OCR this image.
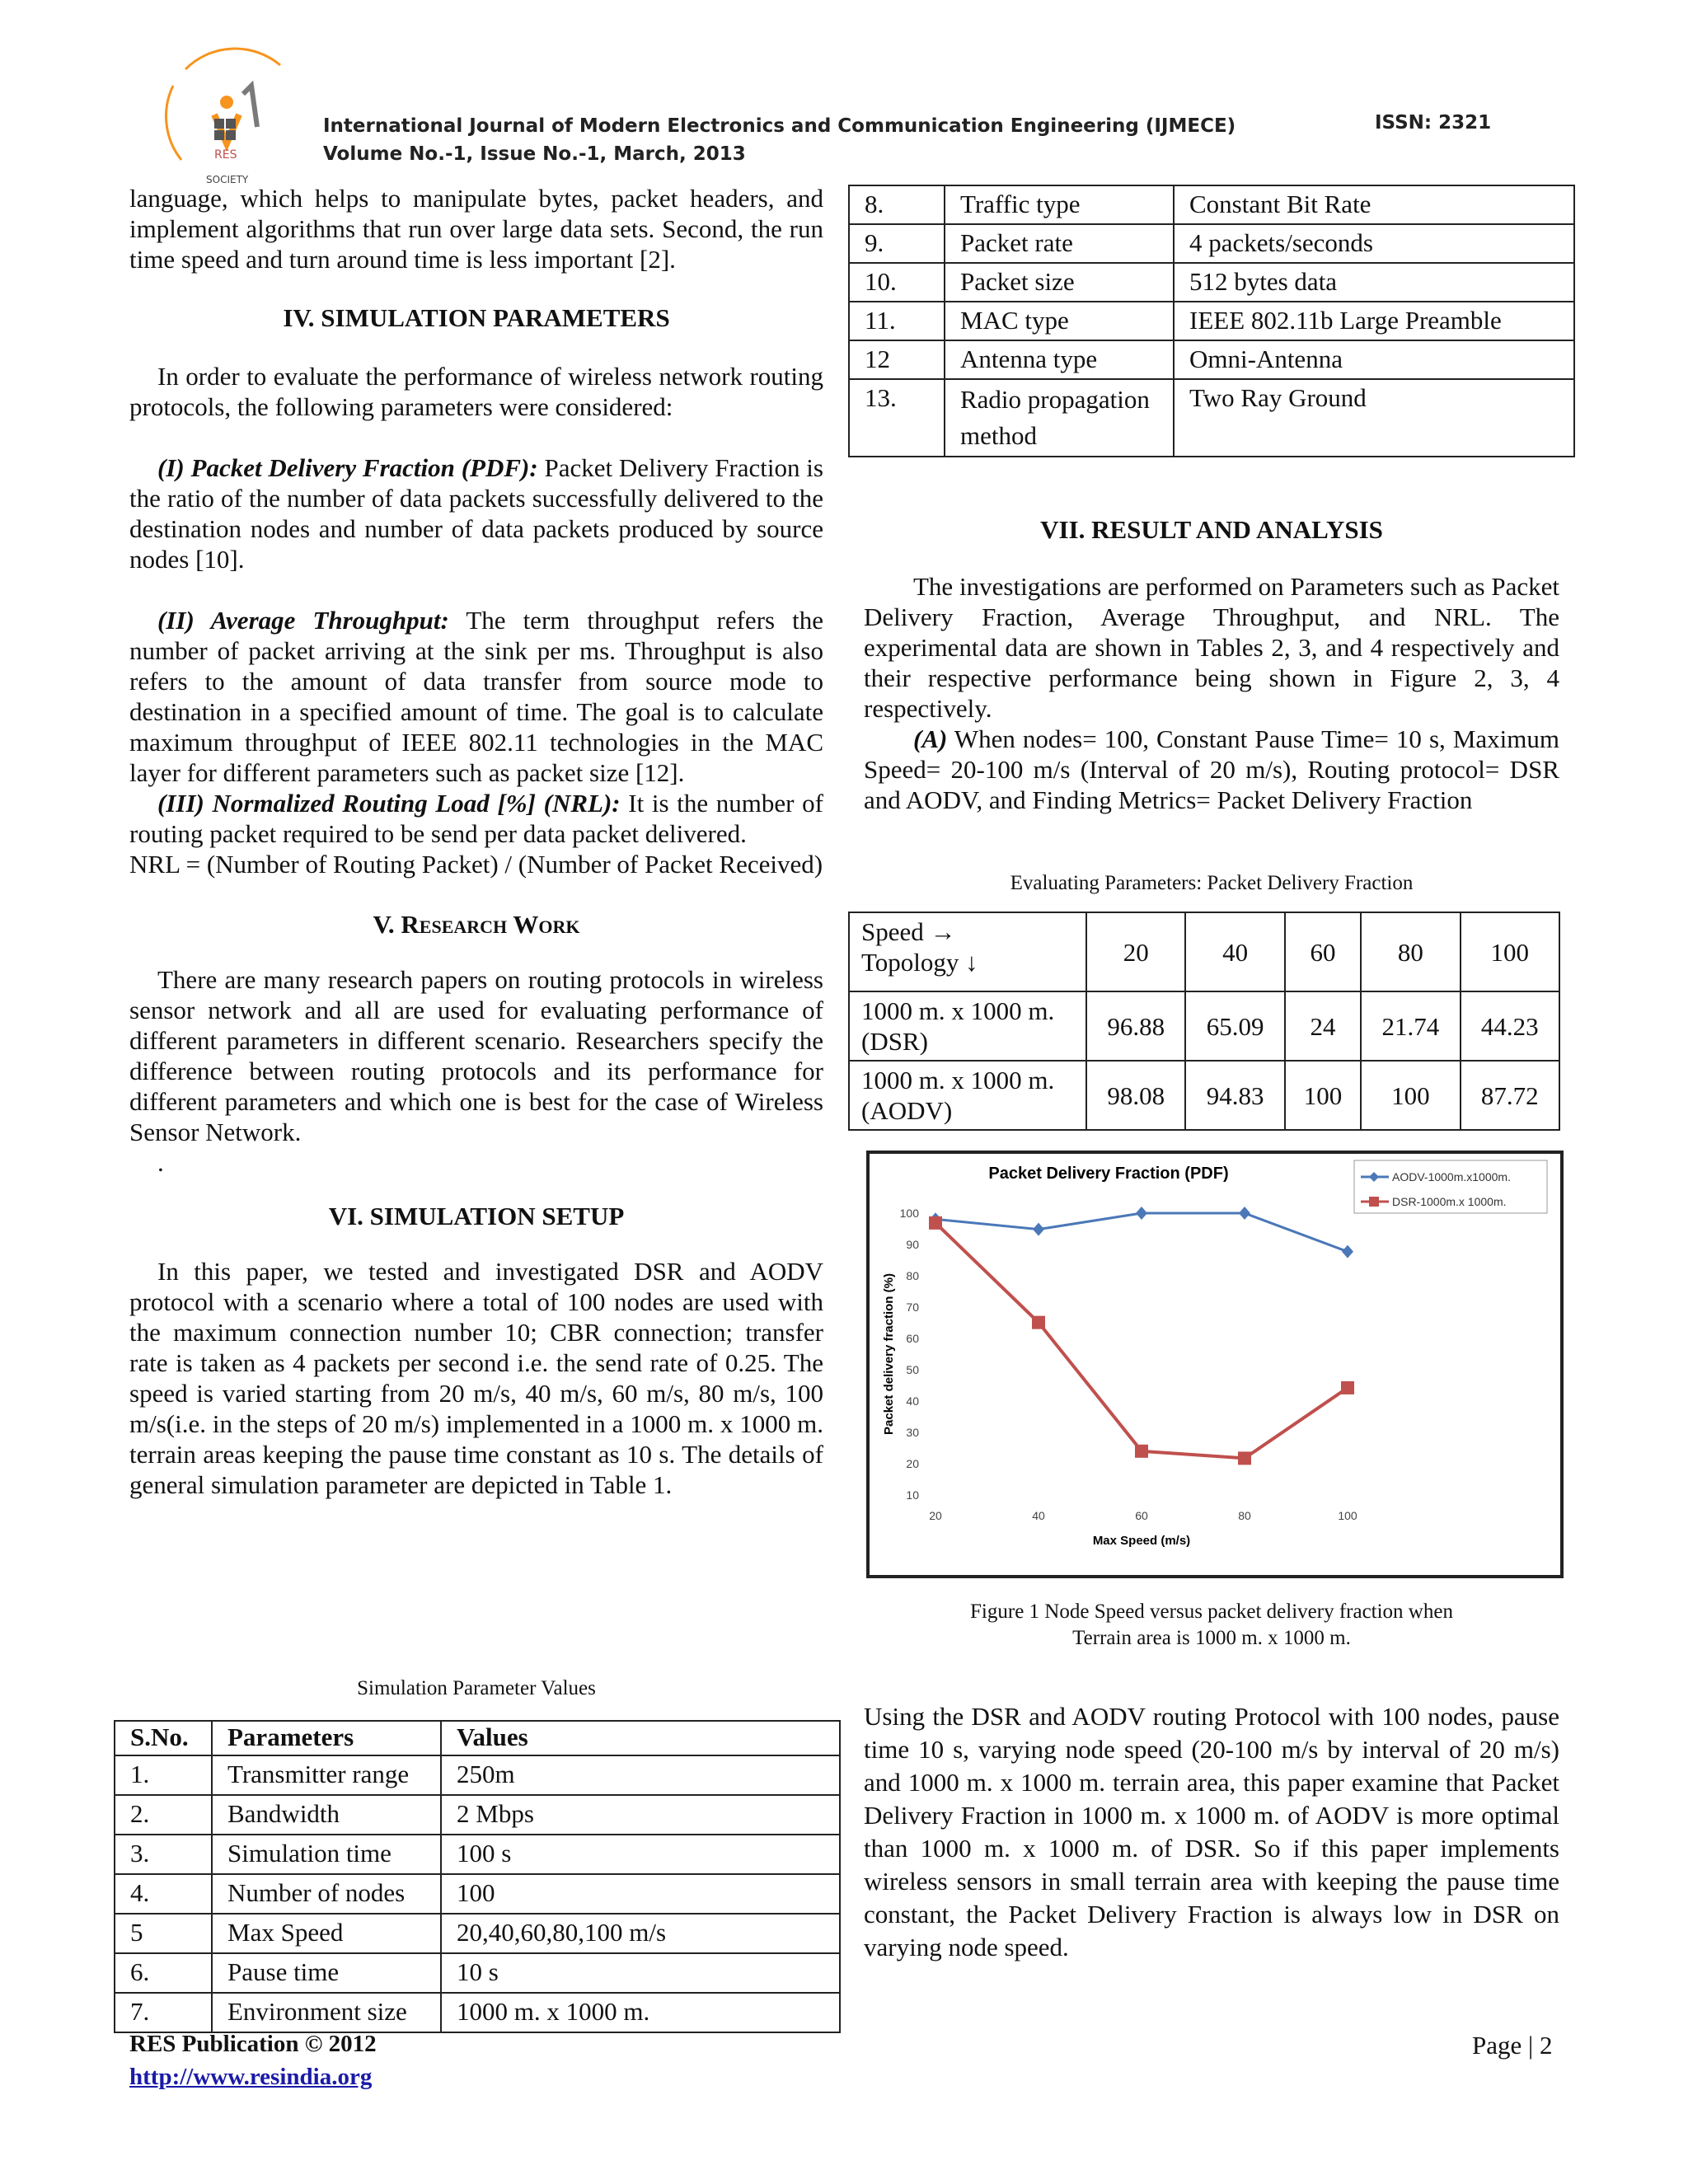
RES
SOCIETY
International Journal of Modern Electronics and Communication Engineering (IJMECE)
Volume No.-1, Issue No.-1, March, 2013
ISSN: 2321

language, which helps to manipulate bytes, packet headers, and implement algorithms that run over large data sets. Second, the run time speed and turn around time is less important [2].

IV. SIMULATION PARAMETERS

In order to evaluate the performance of wireless network routing protocols, the following parameters were considered:

(I) Packet Delivery Fraction (PDF): Packet Delivery Fraction is the ratio of the number of data packets successfully delivered to the destination nodes and number of data packets produced by source nodes [10].

(II) Average Throughput: The term throughput refers the number of packet arriving at the sink per ms. Throughput is also refers to the amount of data transfer from source mode to destination in a specified amount of time. The goal is to calculate maximum throughput of IEEE 802.11 technologies in the MAC layer for different parameters such as packet size [12].

(III) Normalized Routing Load [%] (NRL): It is the number of routing packet required to be send per data packet delivered.

NRL = (Number of Routing Packet) / (Number of Packet Received)

V. Research Work

There are many research papers on routing protocols in wireless sensor network and all are used for evaluating performance of different parameters in different scenario. Researchers specify the difference between routing protocols and its performance for different parameters and which one is best for the case of Wireless Sensor Network.

.

VI. SIMULATION SETUP

In this paper, we tested and investigated DSR and AODV protocol with a scenario where a total of 100 nodes are used with the maximum connection number 10; CBR connection; transfer rate is taken as 4 packets per second i.e. the send rate of 0.25. The speed is varied starting from 20 m/s, 40 m/s, 60 m/s, 80 m/s, 100 m/s(i.e. in the steps of 20 m/s) implemented in a 1000 m. x 1000 m. terrain areas keeping the pause time constant as 10 s. The details of general simulation parameter are depicted in Table 1.

Simulation Parameter Values
S.No.	Parameters	Values
1.	Transmitter range	250m
2.	Bandwidth	2 Mbps
3.	Simulation time	100 s
4.	Number of nodes	100
5	Max Speed	20,40,60,80,100 m/s
6.	Pause time	10 s
7.	Environment size	1000 m. x 1000 m.
8.	Traffic type	Constant Bit Rate
9.	Packet rate	4 packets/seconds
10.	Packet size	512 bytes data
11.	MAC type	IEEE 802.11b Large Preamble
12	Antenna type	Omni-Antenna
13.	Radio propagation method	Two Ray Ground

VII. RESULT AND ANALYSIS

The investigations are performed on Parameters such as Packet Delivery Fraction, Average Throughput, and NRL. The experimental data are shown in Tables 2, 3, and 4 respectively and their respective performance being shown in Figure 2, 3, 4 respectively.

(A) When nodes= 100, Constant Pause Time= 10 s, Maximum Speed= 20-100 m/s (Interval of 20 m/s), Routing protocol= DSR and AODV, and Finding Metrics= Packet Delivery Fraction

Evaluating Parameters: Packet Delivery Fraction
Speed →
Topology ↓	20	40	60	80	100

1000 m. x 1000 m.
(DSR)	96.88	65.09	24	21.74	44.23

1000 m. x 1000 m.
(AODV)	98.08	94.83	100	100	87.72
Packet Delivery Fraction (PDF)
10
20
30
40
50
60
70
80
90
100
20	40	60	80	100
Max Speed (m/s)
Packet delivery fraction (%)
AODV-1000m.x1000m.
DSR-1000m.x 1000m.
Figure 1 Node Speed versus packet delivery fraction when
Terrain area is 1000 m. x 1000 m.

Using the DSR and AODV routing Protocol with 100 nodes, pause time 10 s, varying node speed (20-100 m/s by interval of 20 m/s) and 1000 m. x 1000 m. terrain area, this paper examine that Packet Delivery Fraction in 1000 m. x 1000 m. of AODV is more optimal than 1000 m. x 1000 m. of DSR. So if this paper implements wireless sensors in small terrain area with keeping the pause time constant, the Packet Delivery Fraction is always low in DSR on varying node speed.

RES Publication © 2012
http://www.resindia.org
Page | 2
